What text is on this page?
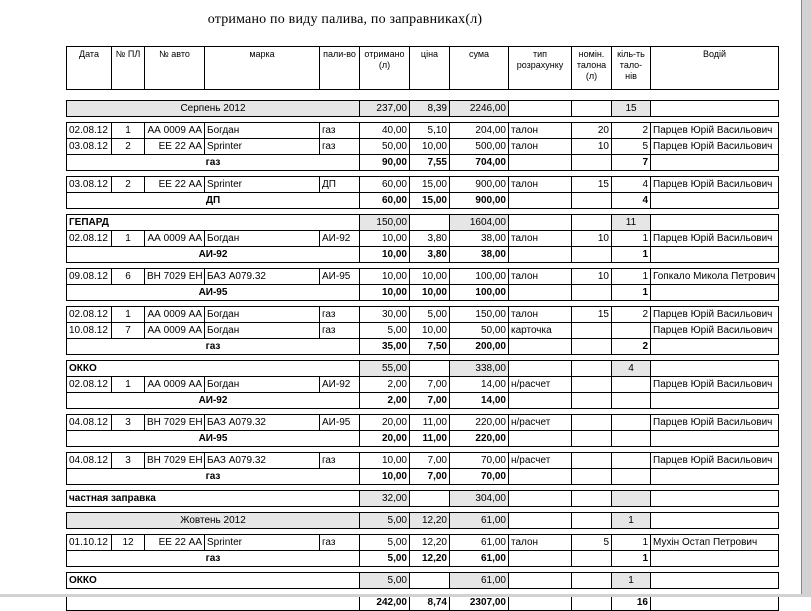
отримано по виду палива, по заправниках(л)
Дата	№ ПЛ	№ авто	марка	пали-во	отримано (л)	ціна	сума	тип розрахунку	номін. талона (л)	кіль-ть тало-нів	Водій

Серпень 2012					237,00	8,39	2246,00			15	

02.08.12	1	АА 0009 АА	Богдан	газ	40,00	5,10	204,00	талон	20	2	Парцев Юрій Васильович
03.08.12	2	ЕЕ 22 АА	Sprinter	газ	50,00	10,00	500,00	талон	10	5	Парцев Юрій Васильович
газ					90,00	7,55	704,00			7	

03.08.12	2	ЕЕ 22 АА	Sprinter	ДП	60,00	15,00	900,00	талон	15	4	Парцев Юрій Васильович
ДП					60,00	15,00	900,00			4	

ГЕПАРД					150,00		1604,00			11	
02.08.12	1	АА 0009 АА	Богдан	АИ-92	10,00	3,80	38,00	талон	10	1	Парцев Юрій Васильович
АИ-92					10,00	3,80	38,00			1	

09.08.12	6	ВН 7029 ЕН	БАЗ А079.32	АИ-95	10,00	10,00	100,00	талон	10	1	Гопкало Микола Петрович
АИ-95					10,00	10,00	100,00			1	

02.08.12	1	АА 0009 АА	Богдан	газ	30,00	5,00	150,00	талон	15	2	Парцев Юрій Васильович
10.08.12	7	АА 0009 АА	Богдан	газ	5,00	10,00	50,00	карточка			Парцев Юрій Васильович
газ					35,00	7,50	200,00			2	

ОККО					55,00		338,00			4	
02.08.12	1	АА 0009 АА	Богдан	АИ-92	2,00	7,00	14,00	н/расчет			Парцев Юрій Васильович
АИ-92					2,00	7,00	14,00				

04.08.12	3	ВН 7029 ЕН	БАЗ А079.32	АИ-95	20,00	11,00	220,00	н/расчет			Парцев Юрій Васильович
АИ-95					20,00	11,00	220,00				

04.08.12	3	ВН 7029 ЕН	БАЗ А079.32	газ	10,00	7,00	70,00	н/расчет			Парцев Юрій Васильович
газ					10,00	7,00	70,00				

частная заправка					32,00		304,00				

Жовтень 2012					5,00	12,20	61,00			1	

01.10.12	12	ЕЕ 22 АА	Sprinter	газ	5,00	12,20	61,00	талон	5	1	Мухін Остап Петрович
газ					5,00	12,20	61,00			1	

ОККО					5,00		61,00			1	

					242,00	8,74	2307,00			16	
